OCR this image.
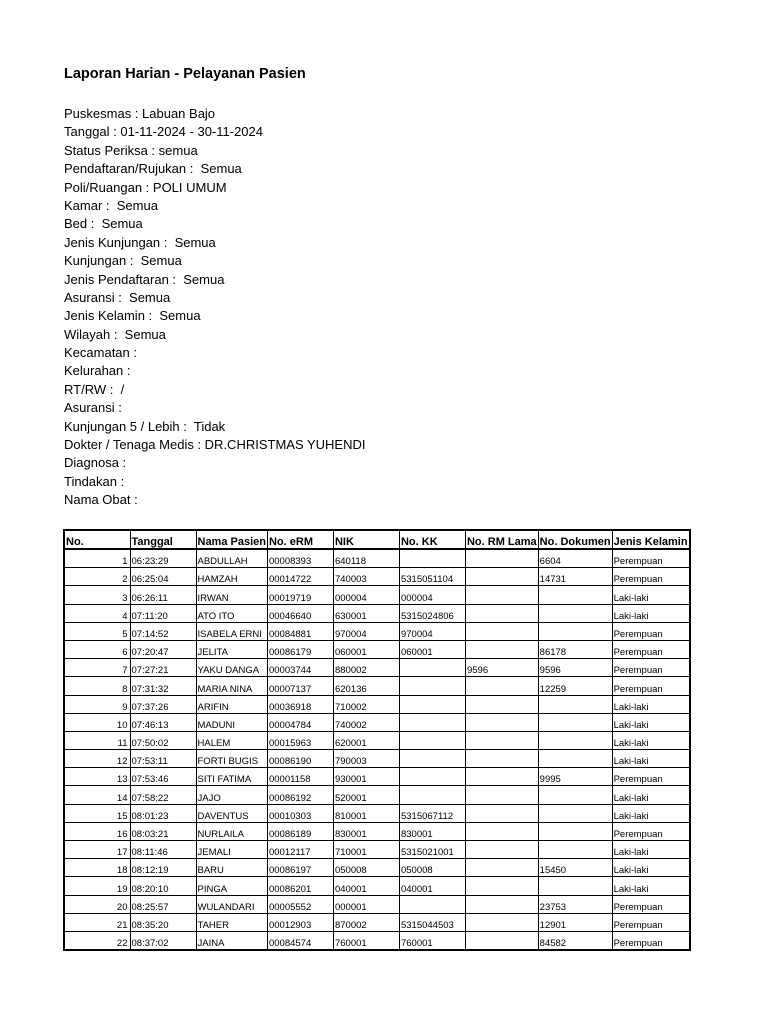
Laporan Harian - Pelayanan Pasien
Puskesmas : Labuan Bajo
Tanggal : 01-11-2024 - 30-11-2024
Status Periksa : semua
Pendaftaran/Rujukan :  Semua
Poli/Ruangan : POLI UMUM
Kamar :  Semua
Bed :  Semua
Jenis Kunjungan :  Semua
Kunjungan :  Semua
Jenis Pendaftaran :  Semua
Asuransi :  Semua
Jenis Kelamin :  Semua
Wilayah :  Semua
Kecamatan :
Kelurahan :
RT/RW :  /
Asuransi :
Kunjungan 5 / Lebih :  Tidak
Dokter / Tenaga Medis : DR.CHRISTMAS YUHENDI
Diagnosa :
Tindakan :
Nama Obat :
No.	Tanggal	Nama Pasien	No. eRM	NIK	No. KK	No. RM Lama	No. Dokumen	Jenis Kelamin
1	06:23:29	ABDULLAH	00008393	640118			6604	Perempuan
2	06:25:04	HAMZAH	00014722	740003	5315051104		14731	Perempuan
3	06:26:11	IRWAN	00019719	000004	000004			Laki-laki
4	07:11:20	ATO ITO	00046640	630001	5315024806			Laki-laki
5	07:14:52	ISABELA ERNI	00084881	970004	970004			Perempuan
6	07:20:47	JELITA	00086179	060001	060001		86178	Perempuan
7	07:27:21	YAKU DANGA	00003744	880002		9596	9596	Perempuan
8	07:31:32	MARIA NINA	00007137	620136			12259	Perempuan
9	07:37:26	ARIFIN	00036918	710002				Laki-laki
10	07:46:13	MADUNI	00004784	740002				Laki-laki
11	07:50:02	HALEM	00015963	620001				Laki-laki
12	07:53:11	FORTI BUGIS	00086190	790003				Laki-laki
13	07:53:46	SITI FATIMA	00001158	930001			9995	Perempuan
14	07:58:22	JAJO	00086192	520001				Laki-laki
15	08:01:23	DAVENTUS	00010303	810001	5315067112			Laki-laki
16	08:03:21	NURLAILA	00086189	830001	830001			Perempuan
17	08:11:46	JEMALI	00012117	710001	5315021001			Laki-laki
18	08:12:19	BARU	00086197	050008	050008		15450	Laki-laki
19	08:20:10	PINGA	00086201	040001	040001			Laki-laki
20	08:25:57	WULANDARI	00005552	000001			23753	Perempuan
21	08:35:20	TAHER	00012903	870002	5315044503		12901	Perempuan
22	08:37:02	JAINA	00084574	760001	760001		84582	Perempuan
